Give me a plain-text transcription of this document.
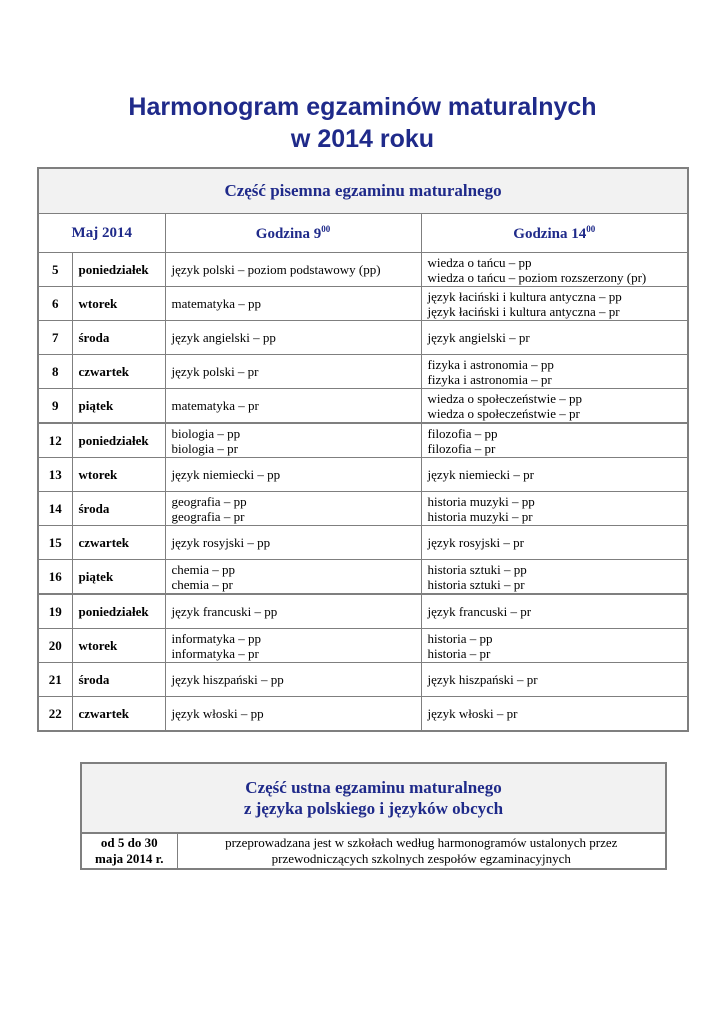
Harmonogram egzaminów maturalnych
w 2014 roku
Część pisemna egzaminu maturalnego			
Maj 2014		Godzina $9^{00}$	Godzina $14^{00}$
5	poniedziałek	język polski – poziom podstawowy (pp)	wiedza o tańcu – pp
wiedza o tańcu – poziom rozszerzony (pr)

6	wtorek	matematyka – pp	język łaciński i kultura antyczna – pp
język łaciński i kultura antyczna – pr

7	środa	język angielski – pp	język angielski – pr

8	czwartek	język polski – pr	fizyka i astronomia – pp
fizyka i astronomia – pr

9	piątek	matematyka – pr	wiedza o społeczeństwie – pp
wiedza o społeczeństwie – pr

12	poniedziałek	biologia – pp
biologia – pr	filozofia – pp
filozofia – pr

13	wtorek	język niemiecki – pp	język niemiecki – pr

14	środa	geografia – pp
geografia – pr	historia muzyki – pp
historia muzyki – pr

15	czwartek	język rosyjski – pp	język rosyjski – pr

16	piątek	chemia – pp
chemia – pr	historia sztuki – pp
historia sztuki – pr

19	poniedziałek	język francuski – pp	język francuski – pr

20	wtorek	informatyka – pp
informatyka – pr	historia – pp
historia – pr

21	środa	język hiszpański – pp	język hiszpański – pr

22	czwartek	język włoski – pp	język włoski – pr
Część ustna egzaminu maturalnego
z języka polskiego i języków obcych

od 5 do 30
maja 2014 r.
	przeprowadzana jest w szkołach według harmonogramów ustalonych przez przewodniczących szkolnych zespołów egzaminacyjnych
